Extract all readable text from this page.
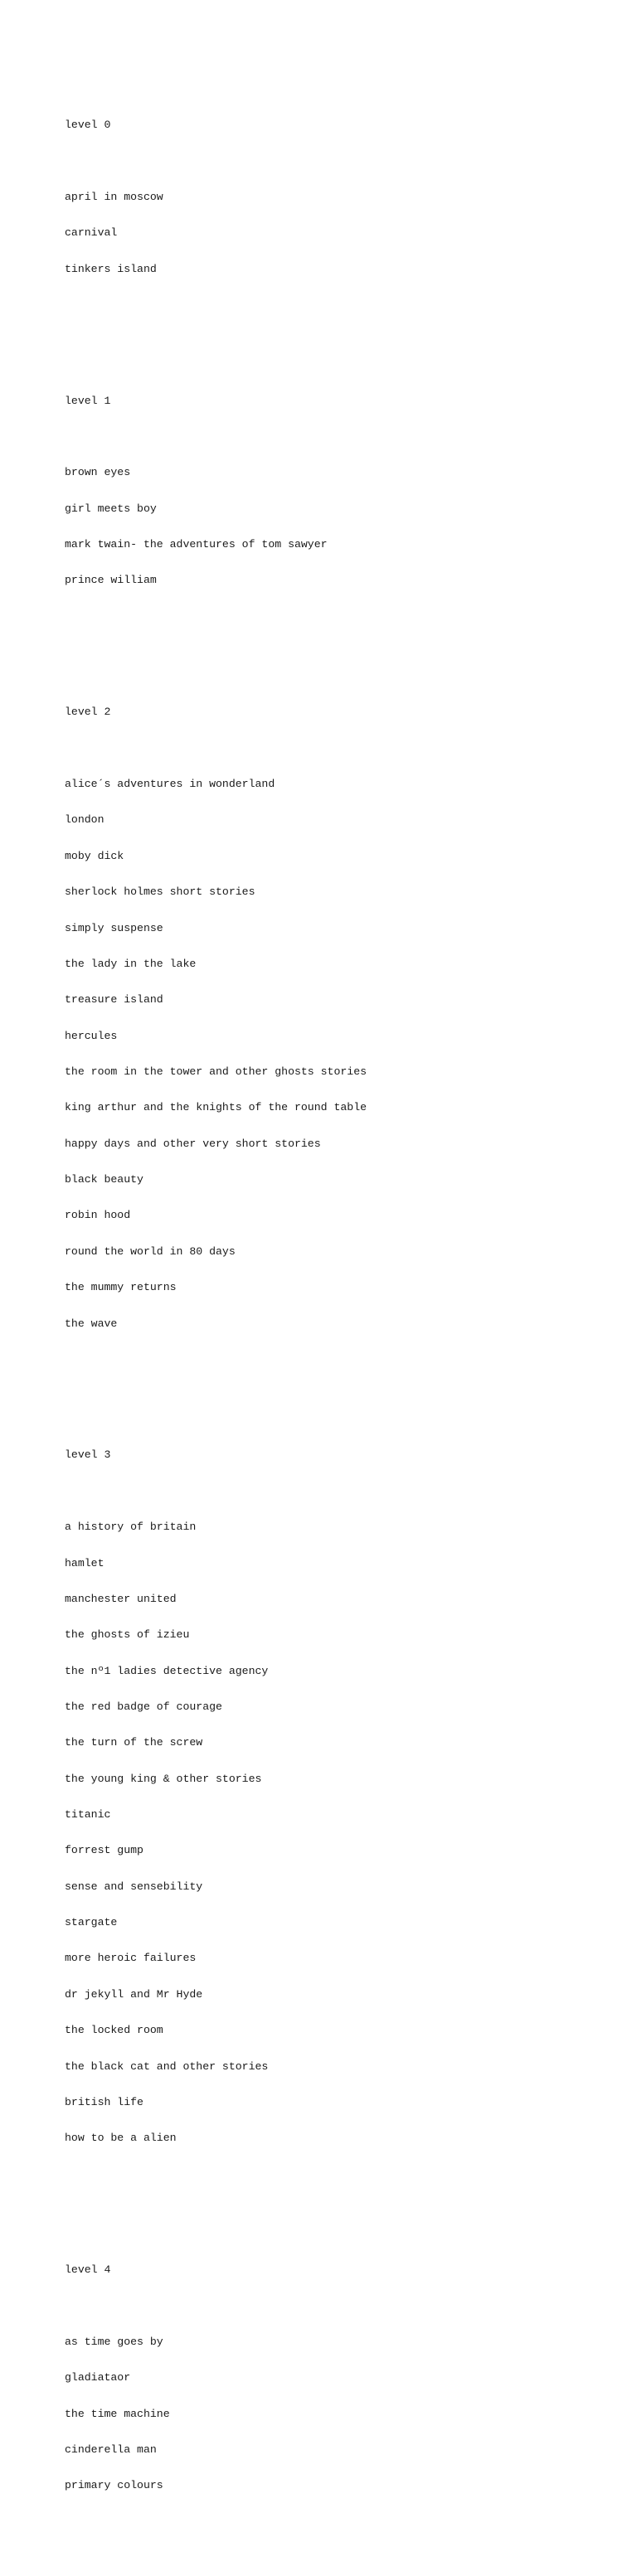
level 0

april in moscow

carnival

tinkers island

level 1

brown eyes

girl meets boy

mark twain- the adventures of tom sawyer

prince william

level 2

alice´s adventures in wonderland

london

moby dick

sherlock holmes short stories

simply suspense

the lady in the lake

treasure island

hercules

the room in the tower and other ghosts stories

king arthur and the knights of the round table

happy days and other very short stories

black beauty

robin hood

round the world in 80 days

the mummy returns

the wave

level 3

a history of britain

hamlet

manchester united

the ghosts of izieu

the nº1 ladies detective agency

the red badge of courage

the turn of the screw

the young king & other stories

titanic

forrest gump

sense and sensebility

stargate

more heroic failures

dr jekyll and Mr Hyde

the locked room

the black cat and other stories

british life

how to be a alien

level 4

as time goes by

gladiataor

the time machine

cinderella man

primary colours
